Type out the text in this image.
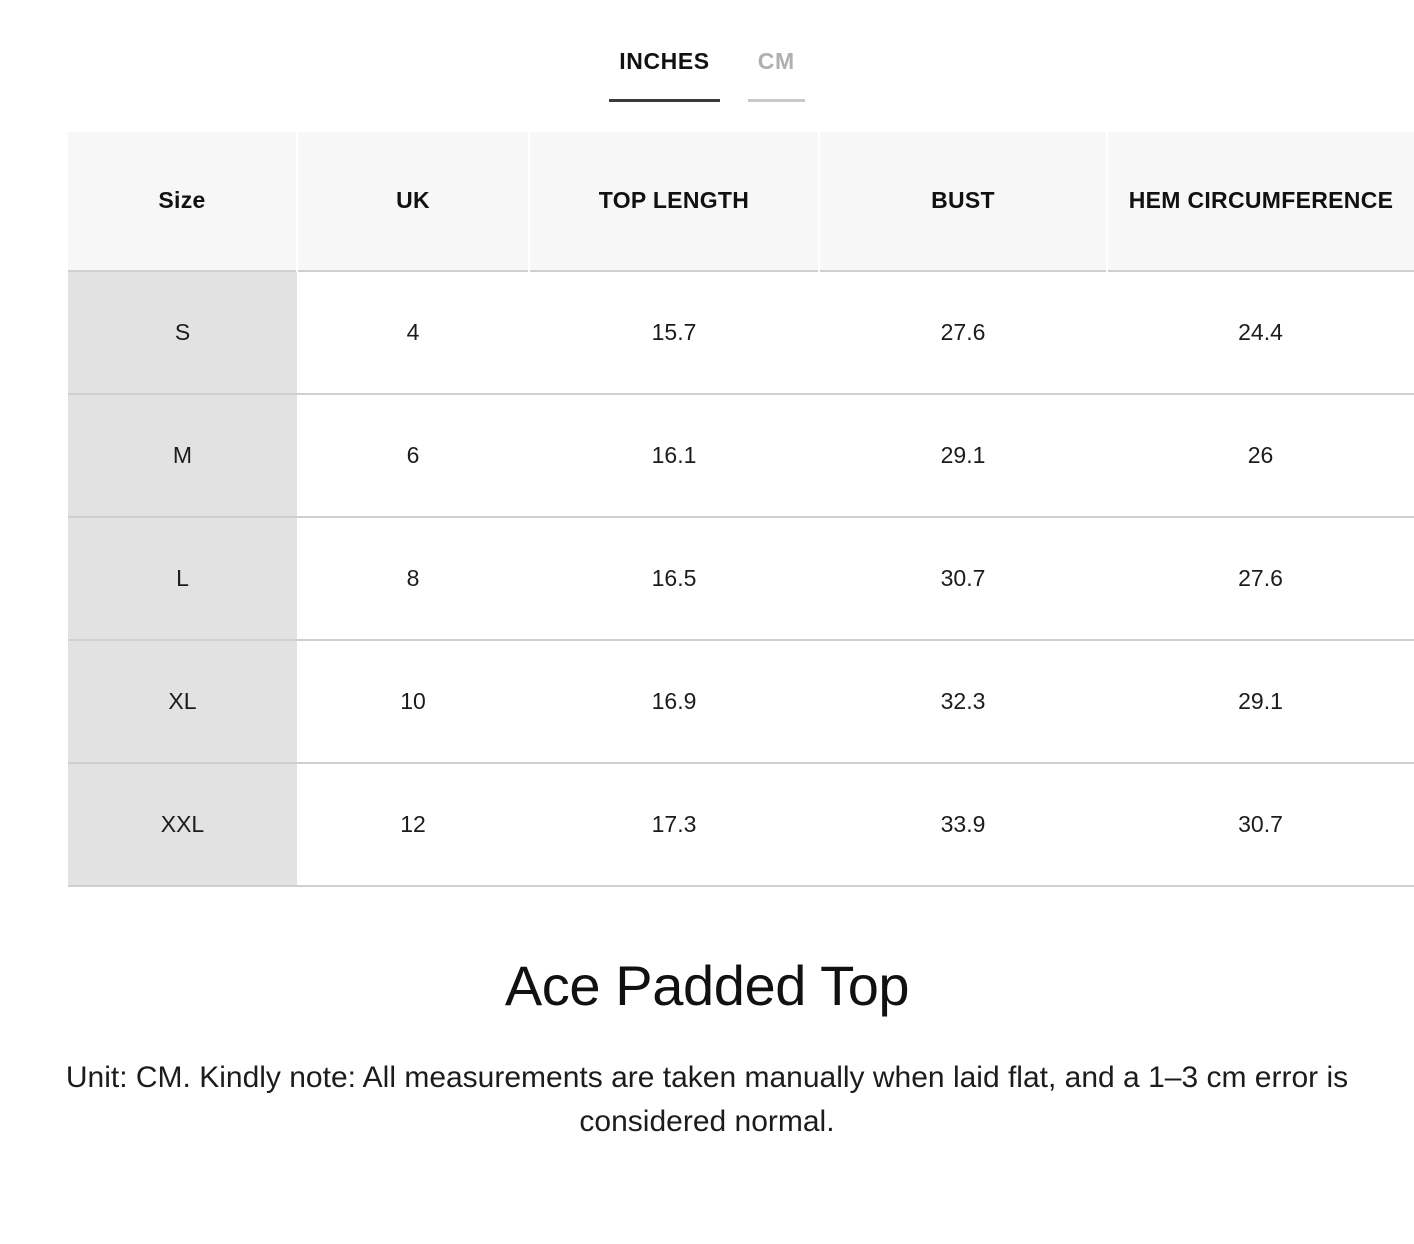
INCHES	CM
Size	UK	TOP LENGTH	BUST	HEM CIRCUMFERENCE
S	4	15.7	27.6	24.4
M	6	16.1	29.1	26
L	8	16.5	30.7	27.6
XL	10	16.9	32.3	29.1
XXL	12	17.3	33.9	30.7
Ace Padded Top

Unit: CM. Kindly note: All measurements are taken manually when laid flat, and a 1–3 cm error is considered normal.
